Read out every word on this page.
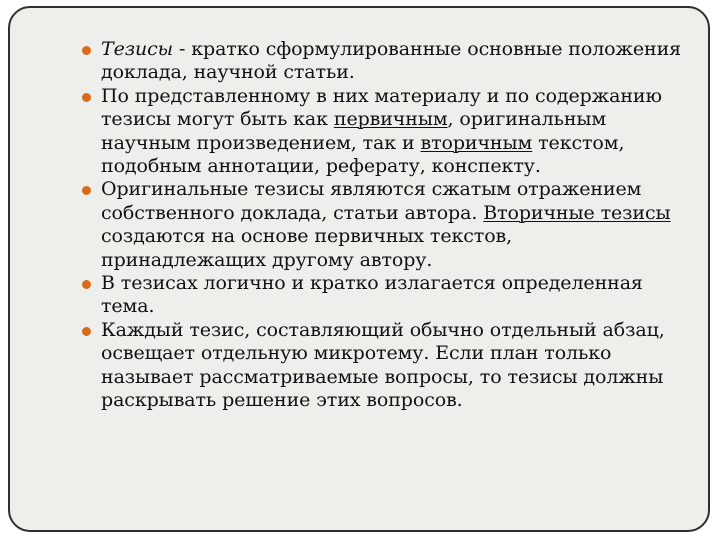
Тезисы - кратко сформулированные основные положения доклада, научной статьи.
По представленному в них материалу и по содержанию тезисы могут быть как первичным, оригинальным научным произведением, так и вторичным текстом, подобным аннотации, реферату, конспекту.
Оригинальные тезисы являются сжатым отражением собственного доклада, статьи автора. Вторичные тезисы создаются на основе первичных текстов, принадлежащих другому автору.
В тезисах логично и кратко излагается определенная тема.
Каждый тезис, составляющий обычно отдельный абзац, освещает отдельную микротему. Если план только называет рассматриваемые вопросы, то тезисы должны раскрывать решение этих вопросов.
